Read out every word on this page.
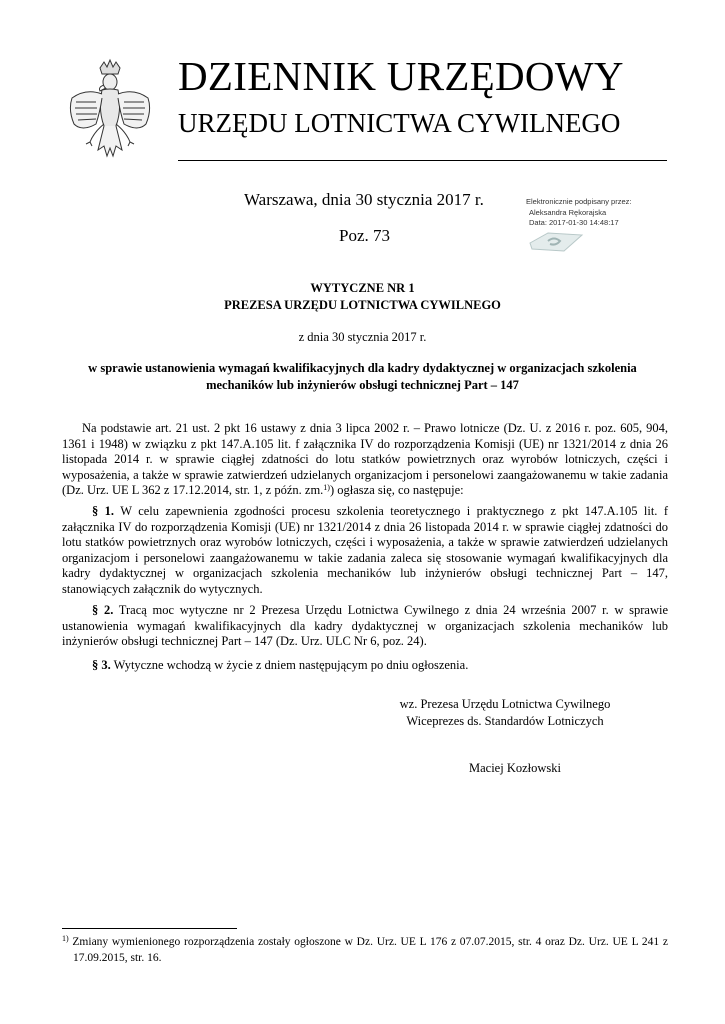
DZIENNIK URZĘDOWY
URZĘDU LOTNICTWA CYWILNEGO
Warszawa, dnia 30 stycznia 2017 r.
Poz. 73
Elektronicznie podpisany przez:
Aleksandra Rękorajska
Data: 2017-01-30 14:48:17
WYTYCZNE NR 1
PREZESA URZĘDU LOTNICTWA CYWILNEGO
z dnia 30 stycznia 2017 r.
w sprawie ustanowienia wymagań kwalifikacyjnych dla kadry dydaktycznej w organizacjach szkolenia mechaników lub inżynierów obsługi technicznej Part – 147
Na podstawie art. 21 ust. 2 pkt 16 ustawy z dnia 3 lipca 2002 r. – Prawo lotnicze (Dz. U. z 2016 r. poz. 605, 904, 1361 i 1948) w związku z pkt 147.A.105 lit. f załącznika IV do rozporządzenia Komisji (UE) nr 1321/2014 z dnia 26 listopada 2014 r. w sprawie ciągłej zdatności do lotu statków powietrznych oraz wyrobów lotniczych, części i wyposażenia, a także w sprawie zatwierdzeń udzielanych organizacjom i personelowi zaangażowanemu w takie zadania (Dz. Urz. UE L 362 z 17.12.2014, str. 1, z późn. zm.$^{1)}$) ogłasza się, co następuje:
§ 1. W celu zapewnienia zgodności procesu szkolenia teoretycznego i praktycznego z pkt 147.A.105 lit. f załącznika IV do rozporządzenia Komisji (UE) nr 1321/2014 z dnia 26 listopada 2014 r. w sprawie ciągłej zdatności do lotu statków powietrznych oraz wyrobów lotniczych, części i wyposażenia, a także w sprawie zatwierdzeń udzielanych organizacjom i personelowi zaangażowanemu w takie zadania zaleca się stosowanie wymagań kwalifikacyjnych dla kadry dydaktycznej w organizacjach szkolenia mechaników lub inżynierów obsługi technicznej Part – 147, stanowiących załącznik do wytycznych.
§ 2. Tracą moc wytyczne nr 2 Prezesa Urzędu Lotnictwa Cywilnego z dnia 24 września 2007 r. w sprawie ustanowienia wymagań kwalifikacyjnych dla kadry dydaktycznej w organizacjach szkolenia mechaników lub inżynierów obsługi technicznej Part – 147 (Dz. Urz. ULC Nr 6, poz. 24).
§ 3. Wytyczne wchodzą w życie z dniem następującym po dniu ogłoszenia.
wz. Prezesa Urzędu Lotnictwa Cywilnego
Wiceprezes ds. Standardów Lotniczych
Maciej Kozłowski
$^{1)}$ Zmiany wymienionego rozporządzenia zostały ogłoszone w Dz. Urz. UE L 176 z 07.07.2015, str. 4 oraz Dz. Urz. UE L 241 z 17.09.2015, str. 16.
